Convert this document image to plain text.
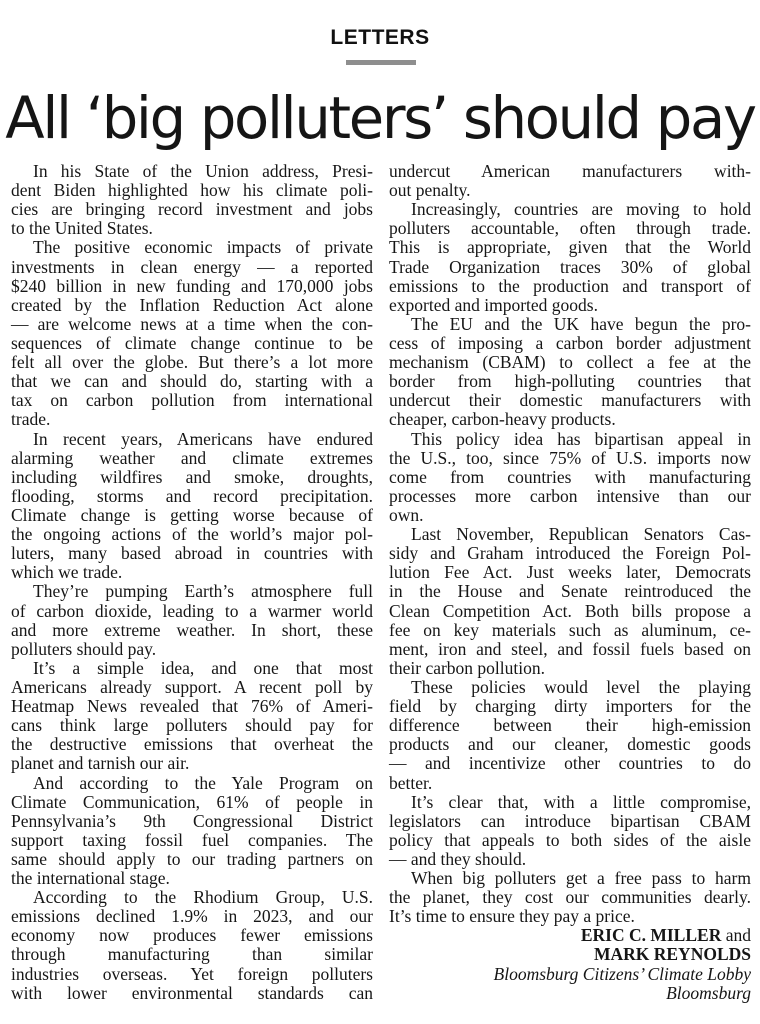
LETTERS
All ‘big polluters’ should pay
In his State of the Union address, Presi-
dent Biden highlighted how his climate poli-
cies are bringing record investment and jobs
to the United States.
The positive economic impacts of private
investments in clean energy — a reported
$240 billion in new funding and 170,000 jobs
created by the Inflation Reduction Act alone
— are welcome news at a time when the con-
sequences of climate change continue to be
felt all over the globe. But there’s a lot more
that we can and should do, starting with a
tax on carbon pollution from international
trade.
In recent years, Americans have endured
alarming weather and climate extremes
including wildfires and smoke, droughts,
flooding, storms and record precipitation.
Climate change is getting worse because of
the ongoing actions of the world’s major pol-
luters, many based abroad in countries with
which we trade.
They’re pumping Earth’s atmosphere full
of carbon dioxide, leading to a warmer world
and more extreme weather. In short, these
polluters should pay.
It’s a simple idea, and one that most
Americans already support. A recent poll by
Heatmap News revealed that 76% of Ameri-
cans think large polluters should pay for
the destructive emissions that overheat the
planet and tarnish our air.
And according to the Yale Program on
Climate Communication, 61% of people in
Pennsylvania’s 9th Congressional District
support taxing fossil fuel companies. The
same should apply to our trading partners on
the international stage.
According to the Rhodium Group, U.S.
emissions declined 1.9% in 2023, and our
economy now produces fewer emissions
through manufacturing than similar
industries overseas. Yet foreign polluters
with lower environmental standards can
undercut American manufacturers with-
out penalty.
Increasingly, countries are moving to hold
polluters accountable, often through trade.
This is appropriate, given that the World
Trade Organization traces 30% of global
emissions to the production and transport of
exported and imported goods.
The EU and the UK have begun the pro-
cess of imposing a carbon border adjustment
mechanism (CBAM) to collect a fee at the
border from high-polluting countries that
undercut their domestic manufacturers with
cheaper, carbon-heavy products.
This policy idea has bipartisan appeal in
the U.S., too, since 75% of U.S. imports now
come from countries with manufacturing
processes more carbon intensive than our
own.
Last November, Republican Senators Cas-
sidy and Graham introduced the Foreign Pol-
lution Fee Act. Just weeks later, Democrats
in the House and Senate reintroduced the
Clean Competition Act. Both bills propose a
fee on key materials such as aluminum, ce-
ment, iron and steel, and fossil fuels based on
their carbon pollution.
These policies would level the playing
field by charging dirty importers for the
difference between their high-emission
products and our cleaner, domestic goods
— and incentivize other countries to do
better.
It’s clear that, with a little compromise,
legislators can introduce bipartisan CBAM
policy that appeals to both sides of the aisle
— and they should.
When big polluters get a free pass to harm
the planet, they cost our communities dearly.
It’s time to ensure they pay a price.
ERIC C. MILLER and
MARK REYNOLDS
Bloomsburg Citizens’ Climate Lobby
Bloomsburg
